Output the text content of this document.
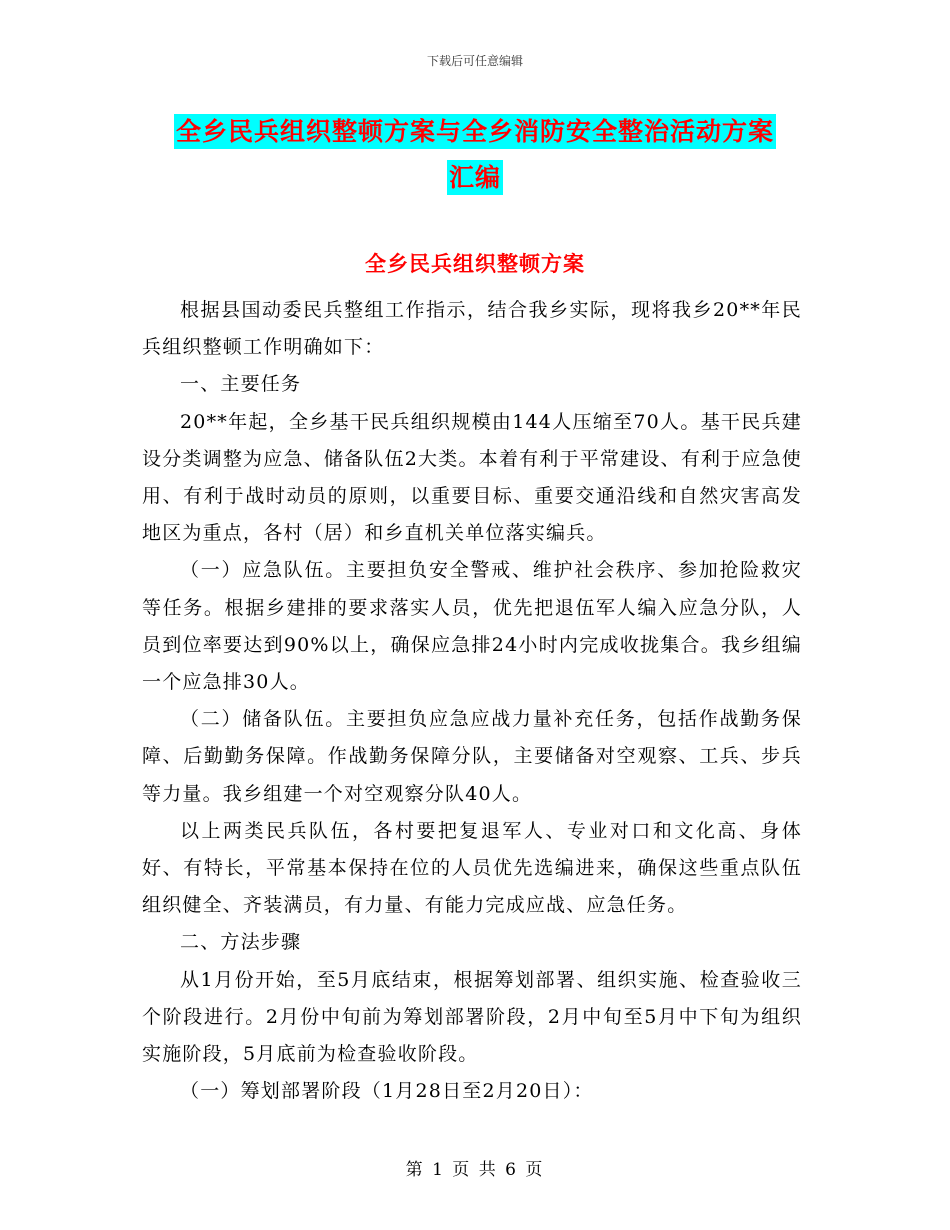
下载后可任意编辑
全乡民兵组织整顿方案与全乡消防安全整治活动方案
汇编
全乡民兵组织整顿方案

根据县国动委民兵整组工作指示，结合我乡实际，现将我乡20**年民兵组织整顿工作明确如下：

一、主要任务

20**年起，全乡基干民兵组织规模由144人压缩至70人。基干民兵建设分类调整为应急、储备队伍2大类。本着有利于平常建设、有利于应急使用、有利于战时动员的原则，以重要目标、重要交通沿线和自然灾害高发地区为重点，各村（居）和乡直机关单位落实编兵。

（一）应急队伍。主要担负安全警戒、维护社会秩序、参加抢险救灾等任务。根据乡建排的要求落实人员，优先把退伍军人编入应急分队，人员到位率要达到90%以上，确保应急排24小时内完成收拢集合。我乡组编一个应急排30人。

（二）储备队伍。主要担负应急应战力量补充任务，包括作战勤务保障、后勤勤务保障。作战勤务保障分队，主要储备对空观察、工兵、步兵等力量。我乡组建一个对空观察分队40人。

以上两类民兵队伍，各村要把复退军人、专业对口和文化高、身体好、有特长，平常基本保持在位的人员优先选编进来，确保这些重点队伍组织健全、齐装满员，有力量、有能力完成应战、应急任务。

二、方法步骤

从1月份开始，至5月底结束，根据筹划部署、组织实施、检查验收三个阶段进行。2月份中旬前为筹划部署阶段，2月中旬至5月中下旬为组织实施阶段，5月底前为检查验收阶段。

（一）筹划部署阶段（1月28日至2月20日）：

第 1 页 共 6 页
